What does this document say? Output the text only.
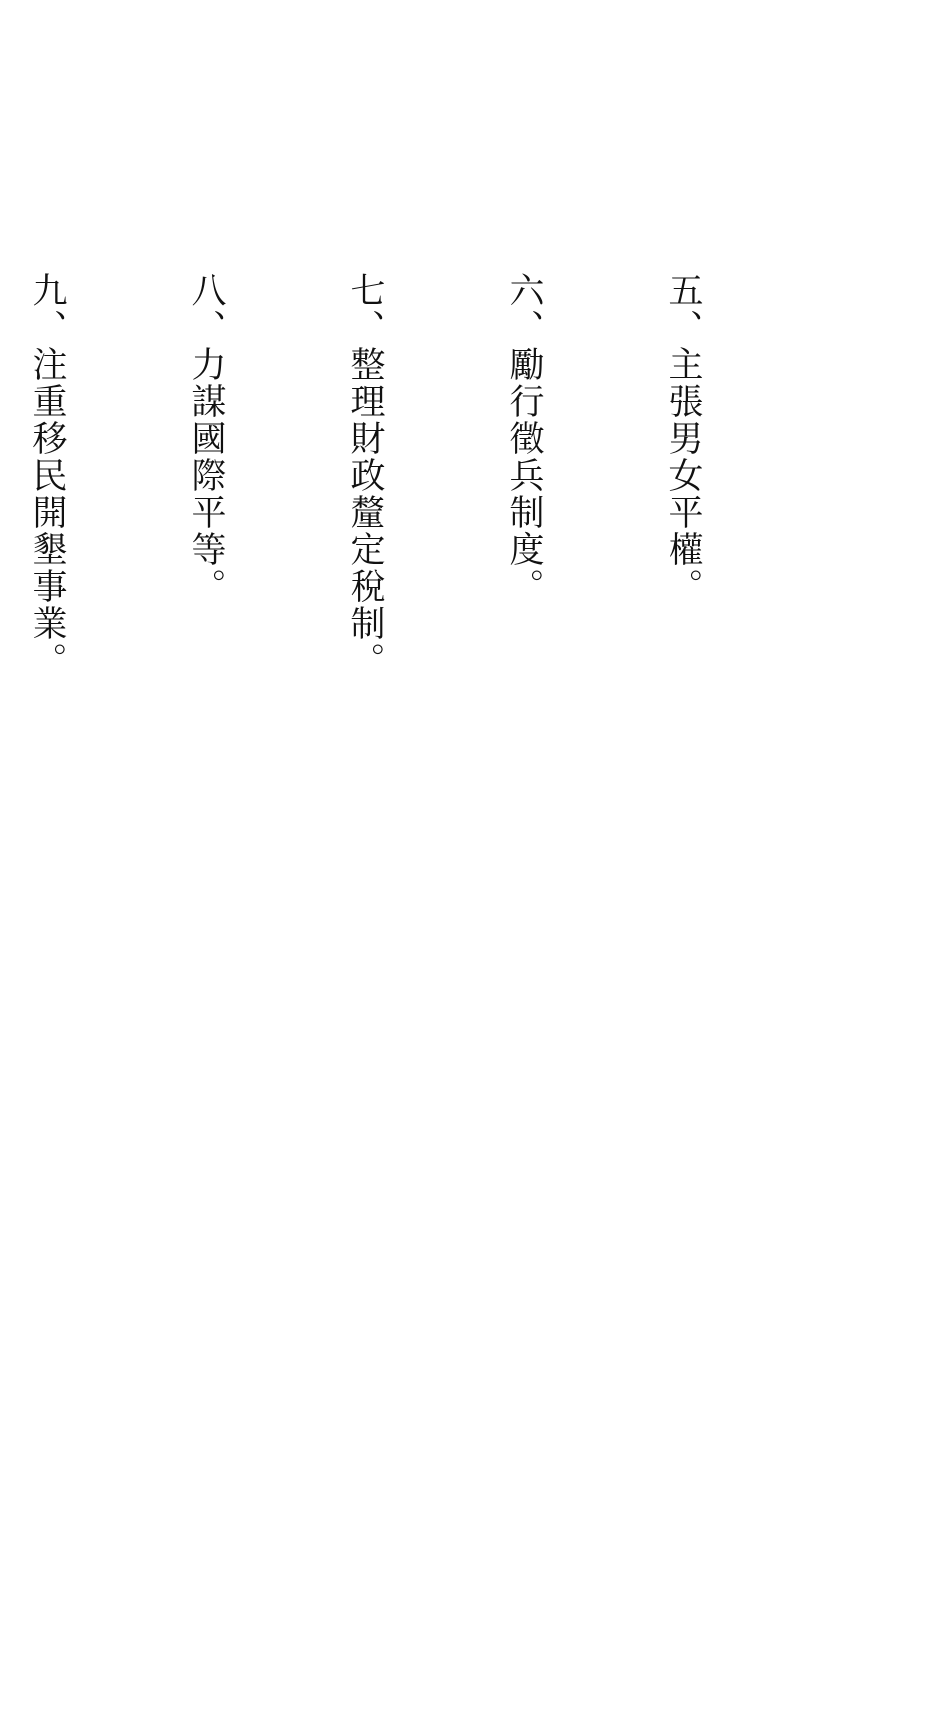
五、主張男女平權。

六、勵行徵兵制度。

七、整理財政釐定稅制。

八、力謀國際平等。

九、注重移民開墾事業。
